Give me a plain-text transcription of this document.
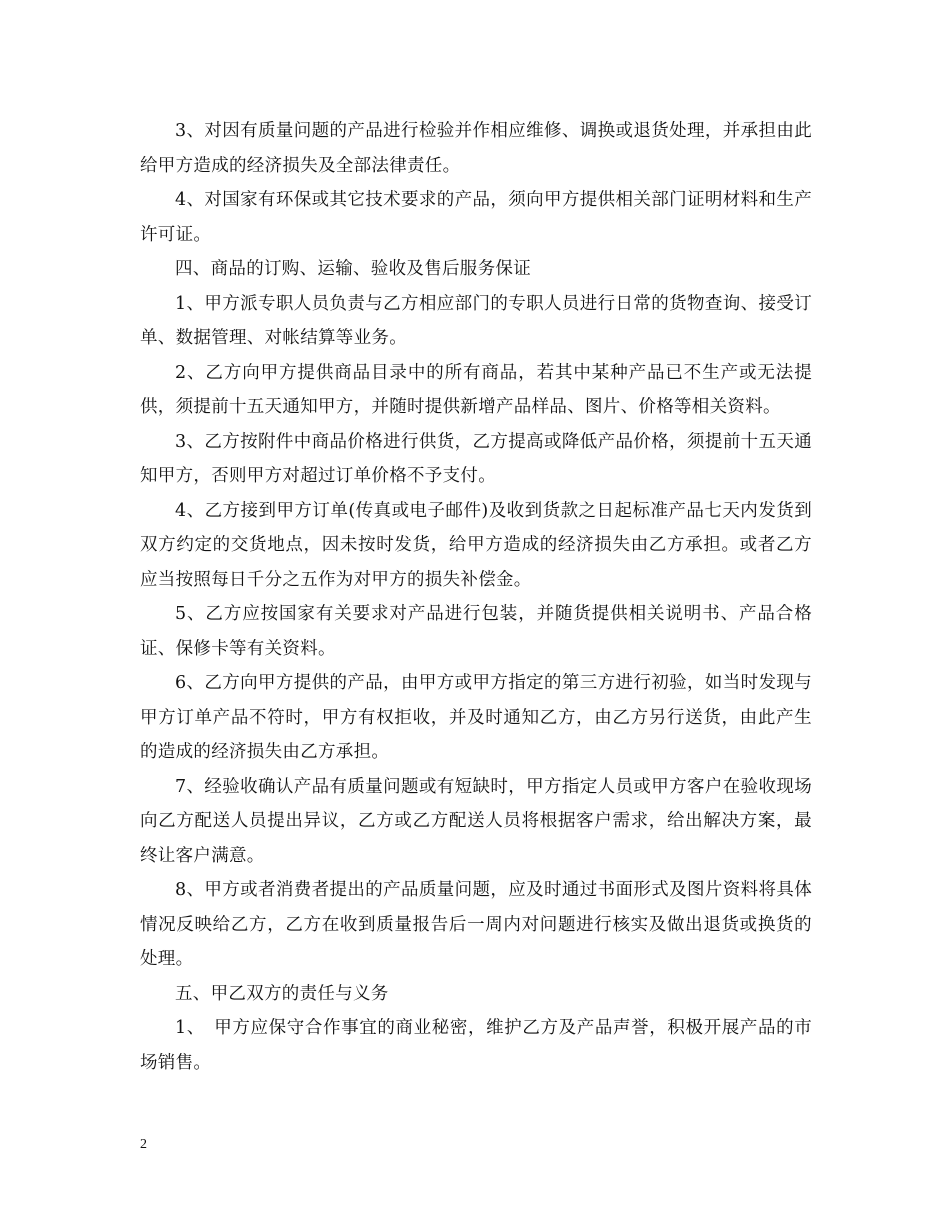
3、对因有质量问题的产品进行检验并作相应维修、调换或退货处理，并承担由此给甲方造成的经济损失及全部法律责任。

4、对国家有环保或其它技术要求的产品，须向甲方提供相关部门证明材料和生产许可证。

四、商品的订购、运输、验收及售后服务保证

1、甲方派专职人员负责与乙方相应部门的专职人员进行日常的货物查询、接受订单、数据管理、对帐结算等业务。

2、乙方向甲方提供商品目录中的所有商品，若其中某种产品已不生产或无法提供，须提前十五天通知甲方，并随时提供新增产品样品、图片、价格等相关资料。

3、乙方按附件中商品价格进行供货，乙方提高或降低产品价格，须提前十五天通知甲方，否则甲方对超过订单价格不予支付。

4、乙方接到甲方订单(传真或电子邮件)及收到货款之日起标准产品七天内发货到双方约定的交货地点，因未按时发货，给甲方造成的经济损失由乙方承担。或者乙方应当按照每日千分之五作为对甲方的损失补偿金。

5、乙方应按国家有关要求对产品进行包装，并随货提供相关说明书、产品合格证、保修卡等有关资料。

6、乙方向甲方提供的产品，由甲方或甲方指定的第三方进行初验，如当时发现与甲方订单产品不符时，甲方有权拒收，并及时通知乙方，由乙方另行送货，由此产生的造成的经济损失由乙方承担。

7、经验收确认产品有质量问题或有短缺时，甲方指定人员或甲方客户在验收现场向乙方配送人员提出异议，乙方或乙方配送人员将根据客户需求，给出解决方案，最终让客户满意。

8、甲方或者消费者提出的产品质量问题，应及时通过书面形式及图片资料将具体情况反映给乙方，乙方在收到质量报告后一周内对问题进行核实及做出退货或换货的处理。

五、甲乙双方的责任与义务

1、　甲方应保守合作事宜的商业秘密，维护乙方及产品声誉，积极开展产品的市场销售。

2
